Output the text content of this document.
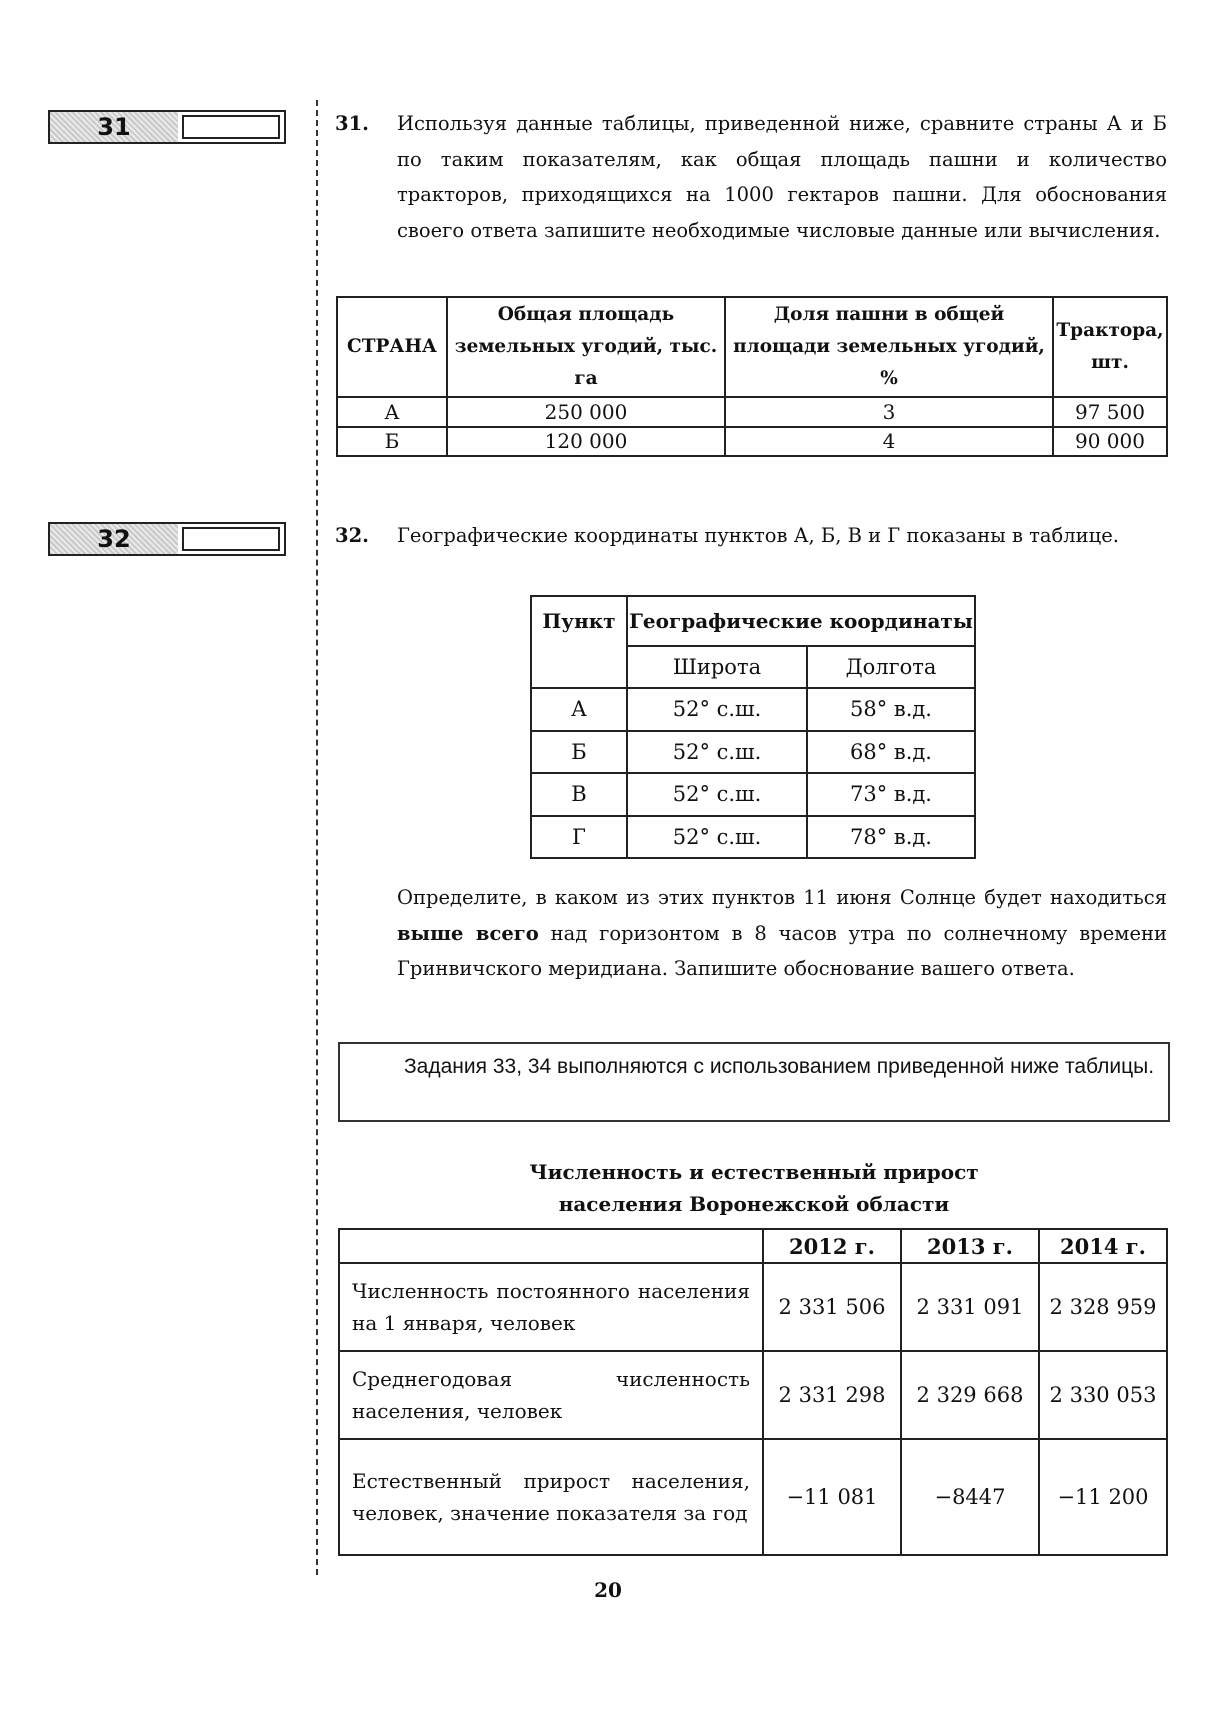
31
32
31. Используя данные таблицы, приведенной ниже, сравните страны А и Б по таким показателям, как общая площадь пашни и количество тракторов, приходящихся на 1000 гектаров пашни. Для обоснования своего ответа запишите необходимые числовые данные или вычисления.
СТРАНА	Общая площадь земельных угодий, тыс. га	Доля пашни в общей площади земельных угодий, %	Трактора, шт.
А	250 000	3	97 500
Б	120 000	4	90 000
32. Географические координаты пунктов А, Б, В и Г показаны в таблице.
Пункт	Географические координаты	
	Широта	Долгота
А	52° с.ш.	58° в.д.
Б	52° с.ш.	68° в.д.
В	52° с.ш.	73° в.д.
Г	52° с.ш.	78° в.д.
Определите, в каком из этих пунктов 11 июня Солнце будет находиться выше всего над горизонтом в 8 часов утра по солнечному времени Гринвичского меридиана. Запишите обоснование вашего ответа.
Задания 33, 34 выполняются с использованием приведенной ниже таблицы.
Численность и естественный прирост
населения Воронежской области
	2012 г.	2013 г.	2014 г.
Численность постоянного населения на 1 января, человек	2 331 506	2 331 091	2 328 959
Среднегодовая численность населения, человек	2 331 298	2 329 668	2 330 053
Естественный прирост населения, человек, значение показателя за год	−11 081	−8447	−11 200
20
